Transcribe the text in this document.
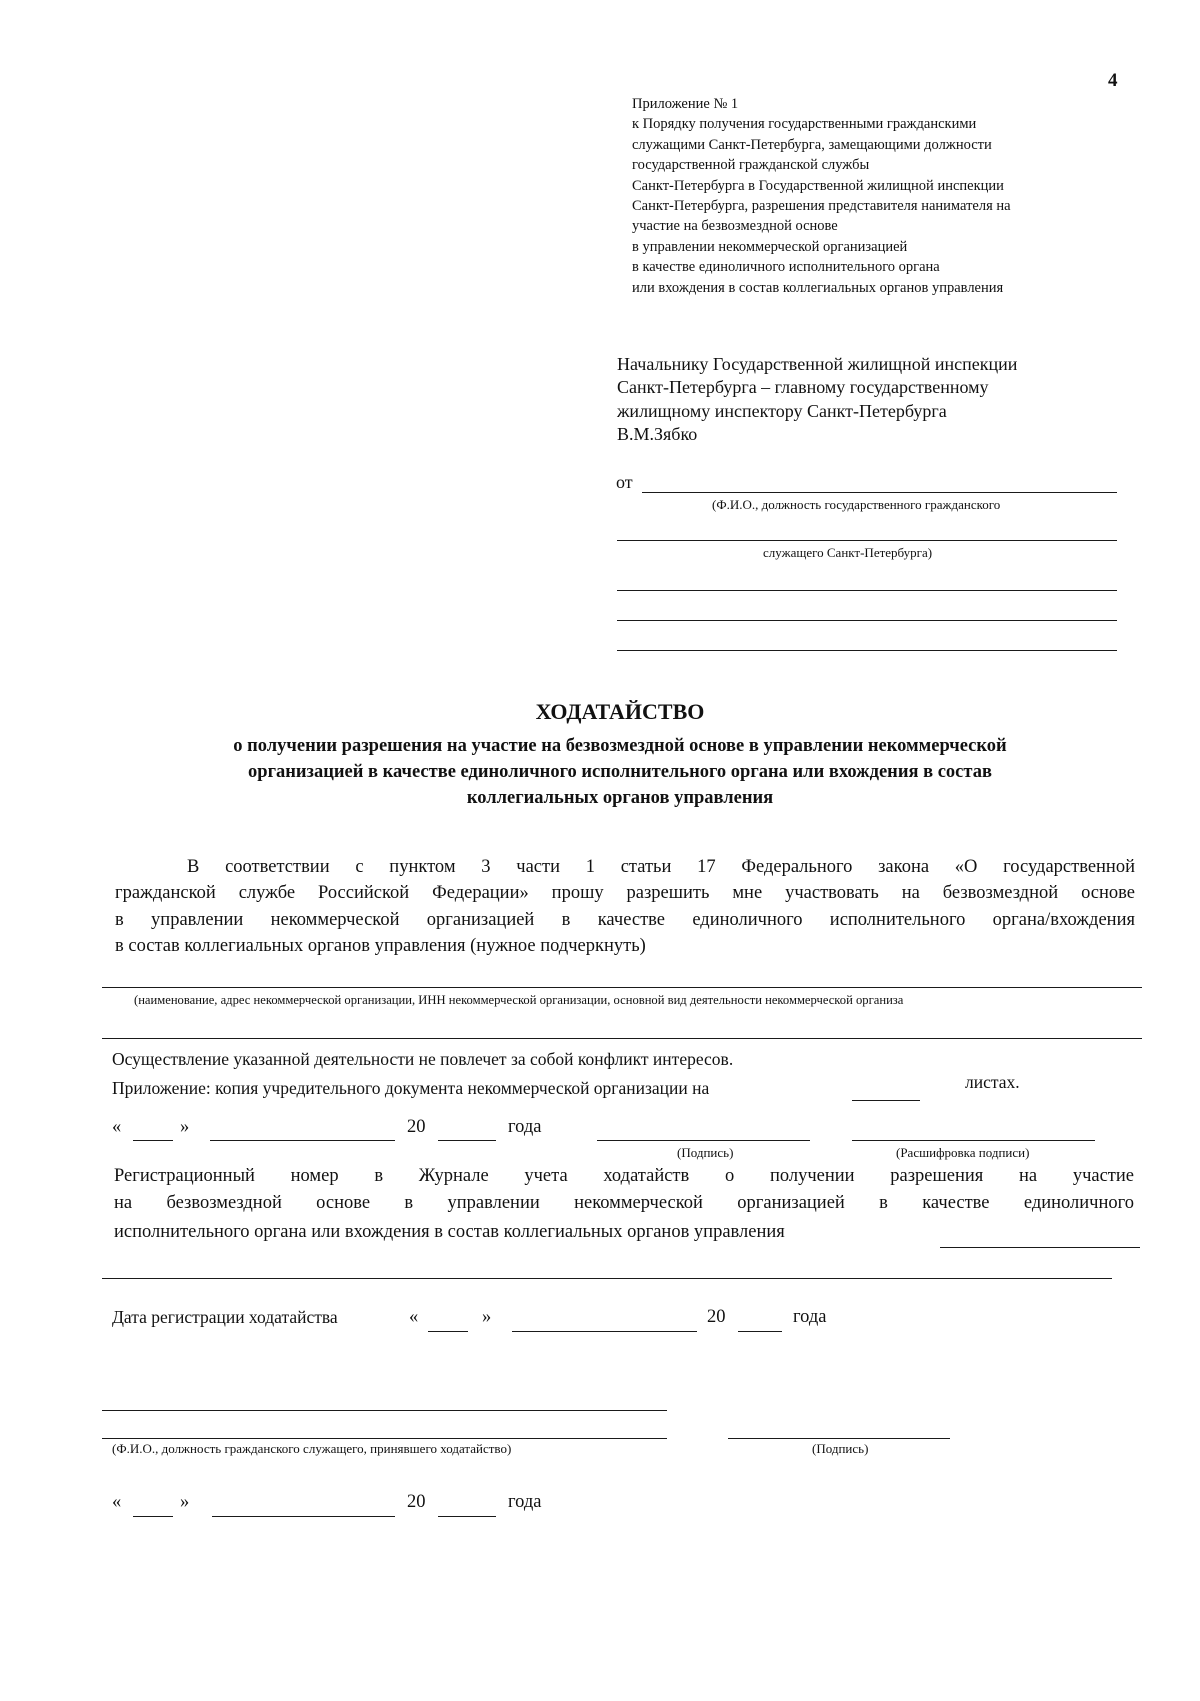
4
Приложение № 1
к Порядку получения государственными гражданскими
служащими Санкт-Петербурга, замещающими должности
государственной гражданской службы
Санкт-Петербурга в Государственной жилищной инспекции
Санкт-Петербурга, разрешения представителя нанимателя на
участие на безвозмездной основе
в управлении некоммерческой организацией
в качестве единоличного исполнительного органа
или вхождения в состав коллегиальных органов управления
Начальнику Государственной жилищной инспекции
Санкт-Петербурга – главному государственному
жилищному инспектору Санкт-Петербурга
В.М.Зябко
от
(Ф.И.О., должность государственного гражданского
служащего Санкт-Петербурга)
ХОДАТАЙСТВО
о получении разрешения на участие на безвозмездной основе в управлении некоммерческой
организацией в качестве единоличного исполнительного органа или вхождения в состав
коллегиальных органов управления
В соответствии с пунктом 3 части 1 статьи 17 Федерального закона «О государственной
гражданской службе Российской Федерации» прошу разрешить мне участвовать на безвозмездной основе
в управлении некоммерческой организацией в качестве единоличного исполнительного органа/вхождения
в состав коллегиальных органов управления (нужное подчеркнуть)
(наименование, адрес некоммерческой организации, ИНН некоммерческой организации, основной вид деятельности некоммерческой организа
Осуществление указанной деятельности не повлечет за собой конфликт интересов.
Приложение: копия учредительного документа некоммерческой организации на	листах.
«	»	20	года
(Подпись)	(Расшифровка подписи)
Регистрационный номер в Журнале учета ходатайств о получении разрешения на участие
на безвозмездной основе в управлении некоммерческой организацией в качестве единоличного
исполнительного органа или вхождения в состав коллегиальных органов управления
Дата регистрации ходатайства	«	»	20	года
(Ф.И.О., должность гражданского служащего, принявшего ходатайство)	(Подпись)
«	»	20	года
